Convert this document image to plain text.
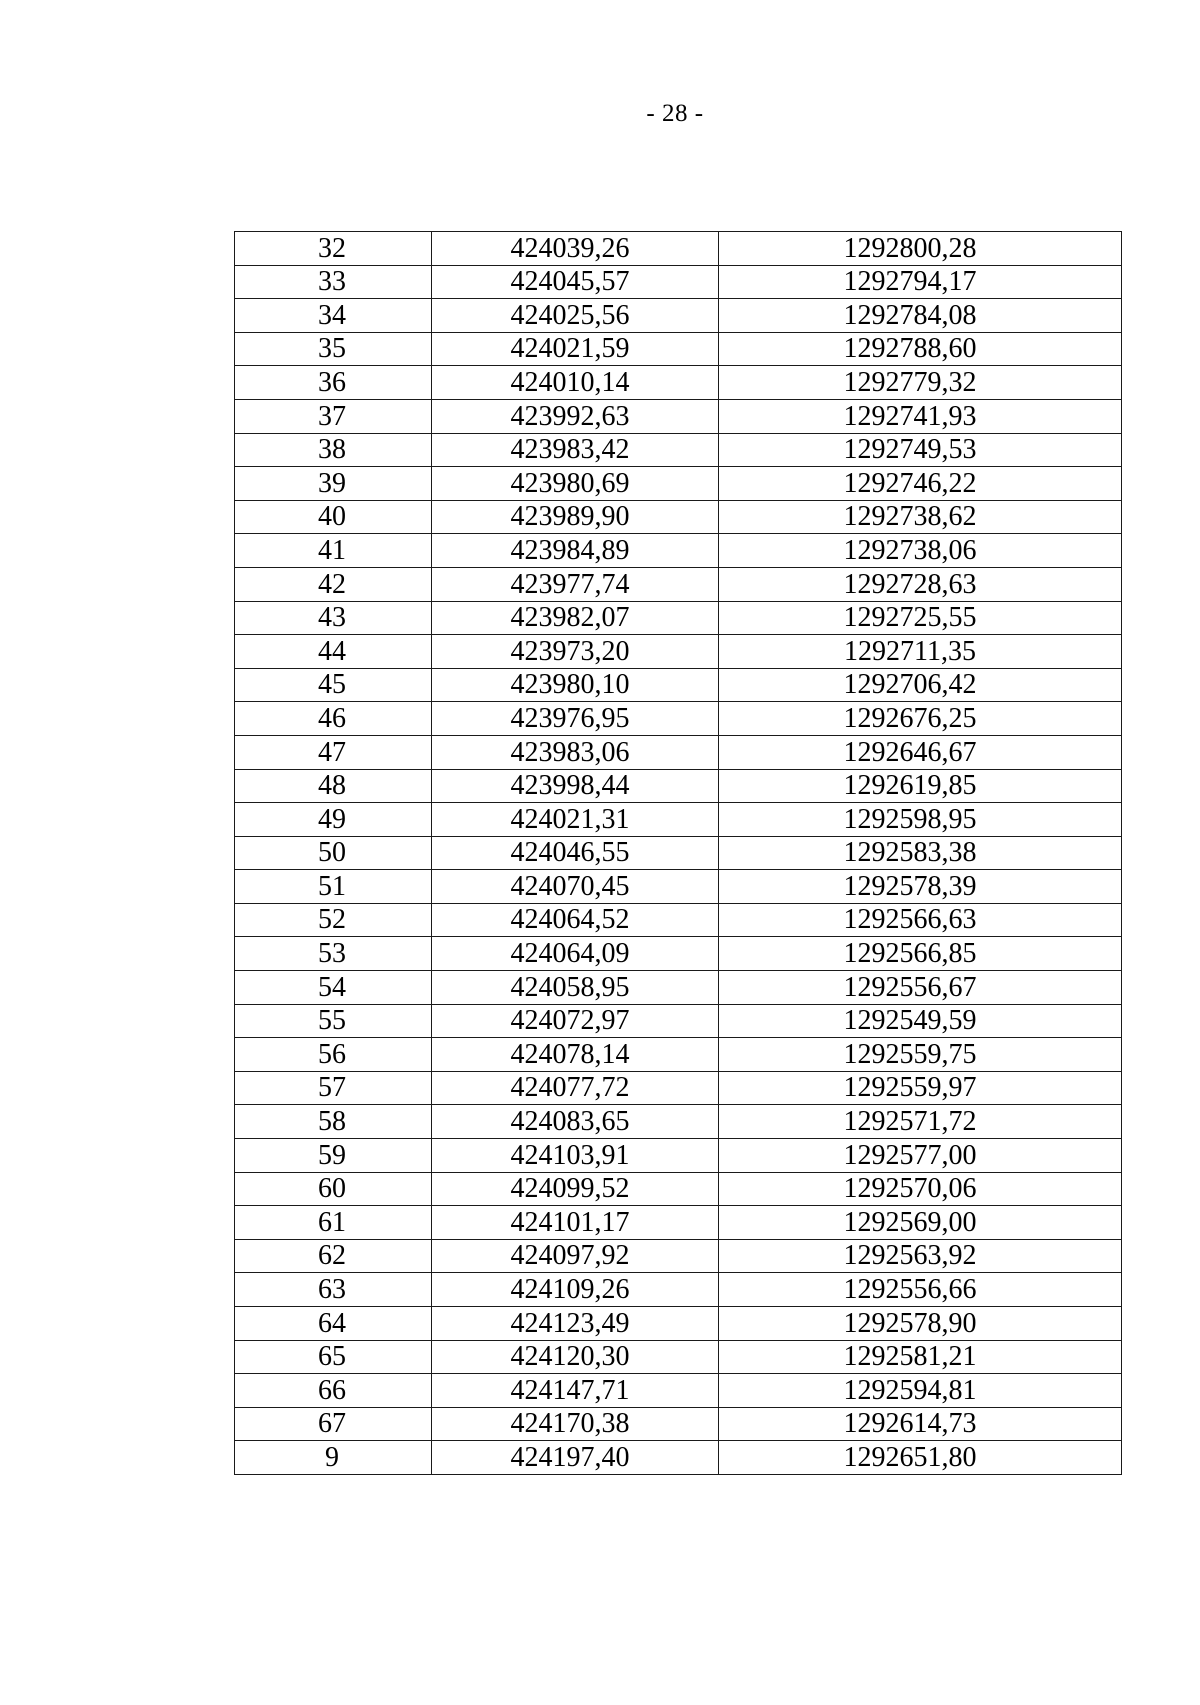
- 28 -
32	424039,26	1292800,28
33	424045,57	1292794,17
34	424025,56	1292784,08
35	424021,59	1292788,60
36	424010,14	1292779,32
37	423992,63	1292741,93
38	423983,42	1292749,53
39	423980,69	1292746,22
40	423989,90	1292738,62
41	423984,89	1292738,06
42	423977,74	1292728,63
43	423982,07	1292725,55
44	423973,20	1292711,35
45	423980,10	1292706,42
46	423976,95	1292676,25
47	423983,06	1292646,67
48	423998,44	1292619,85
49	424021,31	1292598,95
50	424046,55	1292583,38
51	424070,45	1292578,39
52	424064,52	1292566,63
53	424064,09	1292566,85
54	424058,95	1292556,67
55	424072,97	1292549,59
56	424078,14	1292559,75
57	424077,72	1292559,97
58	424083,65	1292571,72
59	424103,91	1292577,00
60	424099,52	1292570,06
61	424101,17	1292569,00
62	424097,92	1292563,92
63	424109,26	1292556,66
64	424123,49	1292578,90
65	424120,30	1292581,21
66	424147,71	1292594,81
67	424170,38	1292614,73
9	424197,40	1292651,80
